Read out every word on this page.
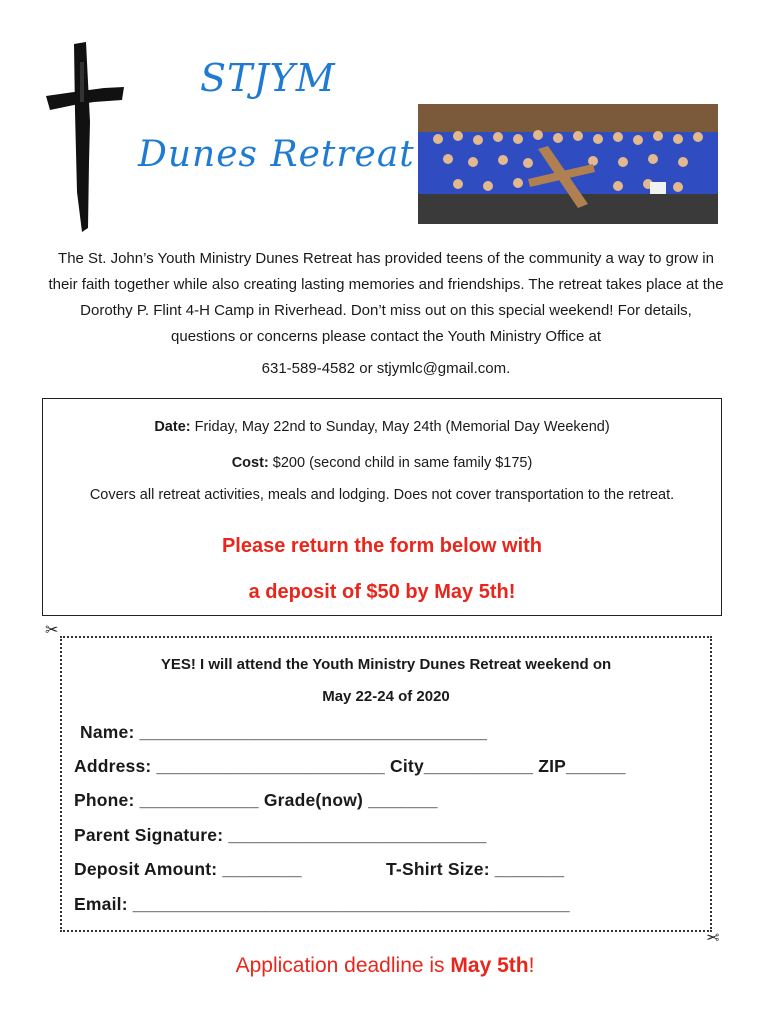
STJYM
Dunes Retreat
The St. John’s Youth Ministry Dunes Retreat has provided teens of the community a way to grow in their faith together while also creating lasting memories and friendships. The retreat takes place at the Dorothy P. Flint 4-H Camp in Riverhead. Don’t miss out on this special weekend! For details, questions or concerns please contact the Youth Ministry Office at
631-589-4582 or stjymlc@gmail.com.
Date: Friday, May 22nd to Sunday, May 24th (Memorial Day Weekend)
Cost: $200 (second child in same family $175)
Covers all retreat activities, meals and lodging. Does not cover transportation to the retreat.
Please return the form below with
a deposit of $50 by May 5th!
✂
YES! I will attend the Youth Ministry Dunes Retreat weekend on
May 22-24 of 2020
Name: ___________________________________
Address: _______________________ City___________ ZIP______
Phone: ____________ Grade(now) _______
Parent Signature: __________________________
Deposit Amount: ________	T-Shirt Size: _______
Email: ____________________________________________
✂
Application deadline is May 5th!
